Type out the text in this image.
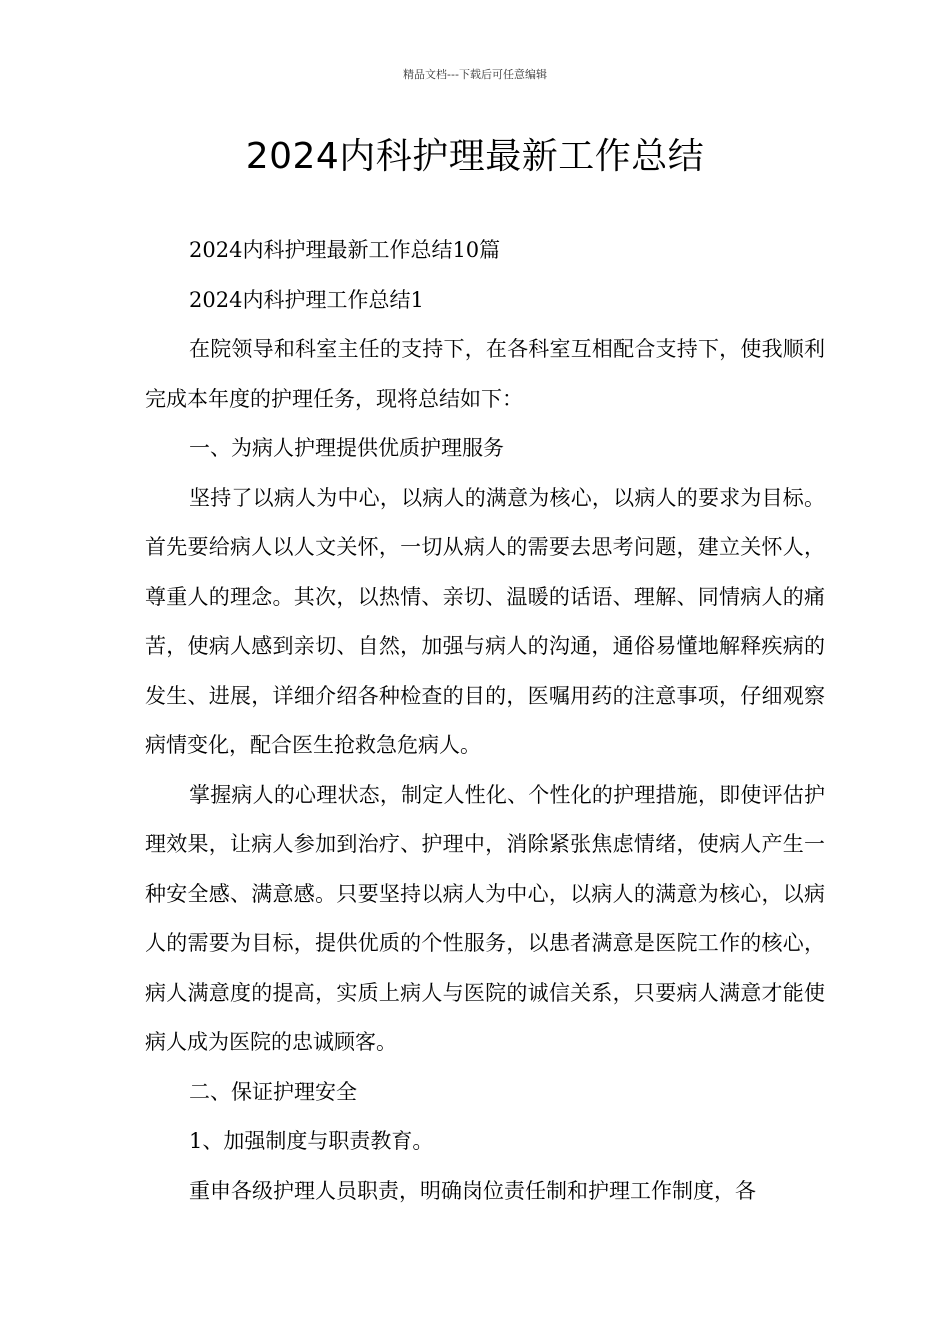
精品文档---下载后可任意编辑
2024内科护理最新工作总结

2024内科护理最新工作总结10篇

2024内科护理工作总结1

在院领导和科室主任的支持下，在各科室互相配合支持下，使我顺利完成本年度的护理任务，现将总结如下：

一、为病人护理提供优质护理服务

坚持了以病人为中心，以病人的满意为核心，以病人的要求为目标。首先要给病人以人文关怀，一切从病人的需要去思考问题，建立关怀人，尊重人的理念。其次，以热情、亲切、温暖的话语、理解、同情病人的痛苦，使病人感到亲切、自然，加强与病人的沟通，通俗易懂地解释疾病的发生、进展，详细介绍各种检查的目的，医嘱用药的注意事项，仔细观察病情变化，配合医生抢救急危病人。

掌握病人的心理状态，制定人性化、个性化的护理措施，即使评估护理效果，让病人参加到治疗、护理中，消除紧张焦虑情绪，使病人产生一种安全感、满意感。只要坚持以病人为中心，以病人的满意为核心，以病人的需要为目标，提供优质的个性服务，以患者满意是医院工作的核心，病人满意度的提高，实质上病人与医院的诚信关系，只要病人满意才能使病人成为医院的忠诚顾客。

二、保证护理安全

1、加强制度与职责教育。

重申各级护理人员职责，明确岗位责任制和护理工作制度，各
